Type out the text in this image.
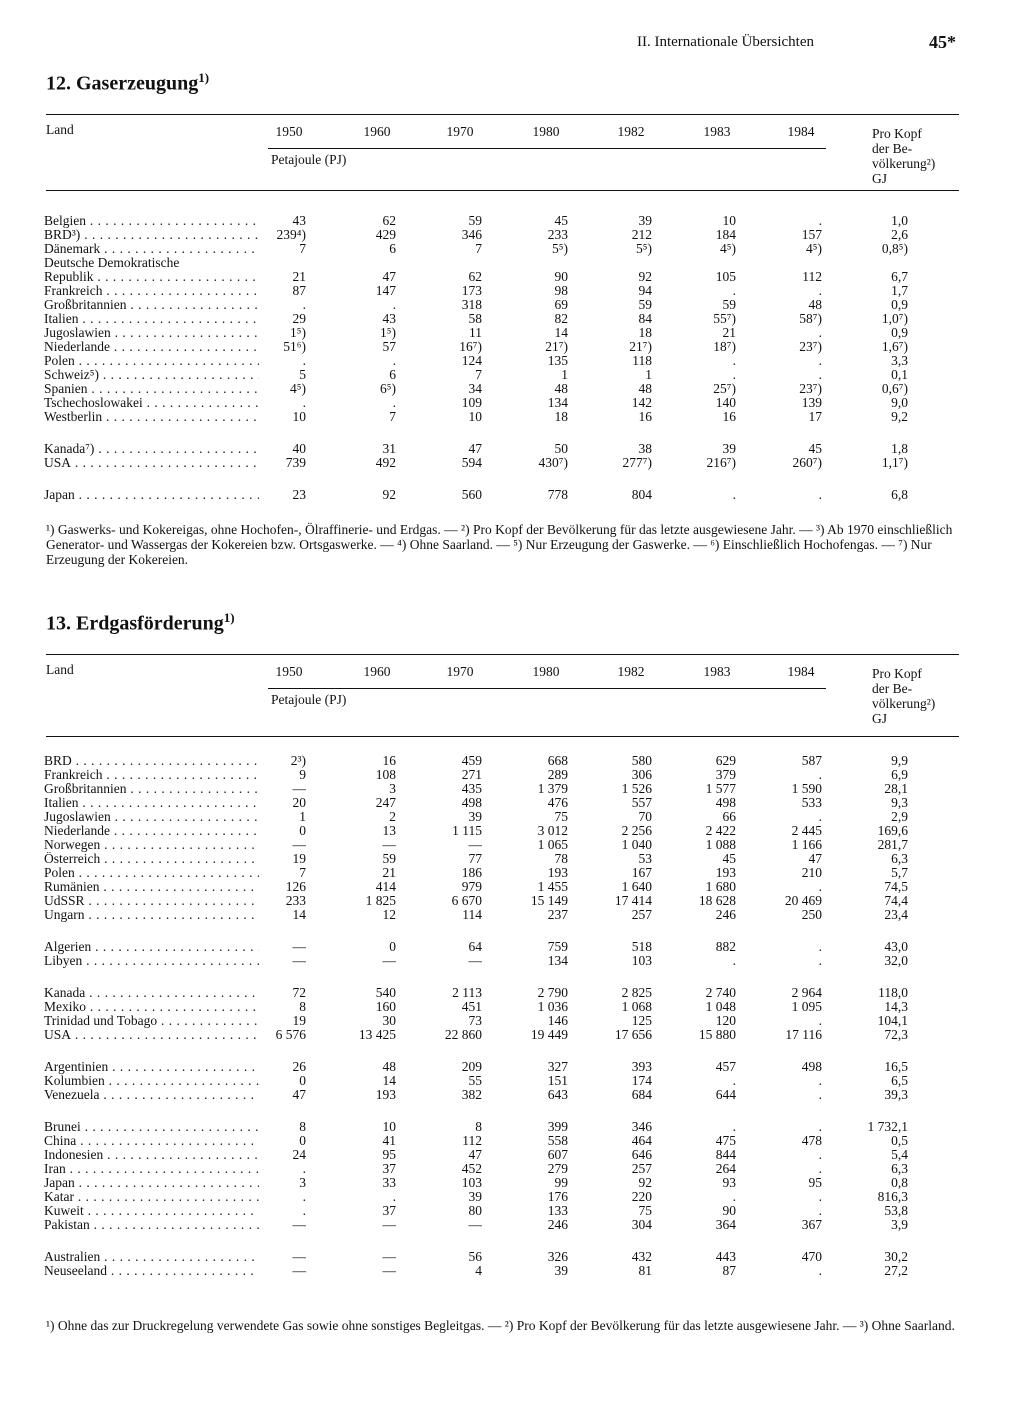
II. Internationale Übersichten	45*
12. Gaserzeugung$^{1)}$
Land	1950	1960	1970	1980	1982	1983	1984
Petajoule (PJ)
Pro Kopf
der Be-
völkerung²)
GJ
Belgien . . .	43	62	59	45	39	10	.	1,0
BRD³) . . .	239⁴)	429	346	233	212	184	157	2,6
Dänemark . . .	7	6	7	5⁵)	5⁵)	4⁵)	4⁵)	0,8⁵)
Deutsche Demokratische
Republik . . .	21	47	62	90	92	105	112	6,7
Frankreich . . .	87	147	173	98	94	.	.	1,7
Großbritannien . . .	.	.	318	69	59	59	48	0,9
Italien . . .	29	43	58	82	84	55⁷)	58⁷)	1,0⁷)
Jugoslawien . . .	1⁵)	1⁵)	11	14	18	21	.	0,9
Niederlande . . .	51⁶)	57	16⁷)	21⁷)	21⁷)	18⁷)	23⁷)	1,6⁷)
Polen . . .	.	.	124	135	118	.	.	3,3
Schweiz⁵) . . .	5	6	7	1	1	.	.	0,1
Spanien . . .	4⁵)	6⁵)	34	48	48	25⁷)	23⁷)	0,6⁷)
Tschechoslowakei . . .	.	.	109	134	142	140	139	9,0
Westberlin . . .	10	7	10	18	16	16	17	9,2
Kanada⁷) . . .	40	31	47	50	38	39	45	1,8
USA . . .	739	492	594	430⁷)	277⁷)	216⁷)	260⁷)	1,1⁷)
Japan . . .	23	92	560	778	804	.	.	6,8

¹) Gaswerks- und Kokereigas, ohne Hochofen-, Ölraffinerie- und Erdgas. — ²) Pro Kopf der Bevölkerung für das letzte ausgewiesene Jahr. — ³) Ab 1970 einschließlich Generator- und Wassergas der Kokereien bzw. Ortsgaswerke. — ⁴) Ohne Saarland. — ⁵) Nur Erzeugung der Gaswerke. — ⁶) Einschließlich Hochofengas. — ⁷) Nur Erzeugung der Kokereien.

13. Erdgasförderung$^{1)}$
Land	1950	1960	1970	1980	1982	1983	1984
Petajoule (PJ)
Pro Kopf
der Be-
völkerung²)
GJ
BRD . . .	2³)	16	459	668	580	629	587	9,9
Frankreich . . .	9	108	271	289	306	379	.	6,9
Großbritannien . . .	—	3	435	1 379	1 526	1 577	1 590	28,1
Italien . . .	20	247	498	476	557	498	533	9,3
Jugoslawien . . .	1	2	39	75	70	66	.	2,9
Niederlande . . .	0	13	1 115	3 012	2 256	2 422	2 445	169,6
Norwegen . . .	—	—	—	1 065	1 040	1 088	1 166	281,7
Österreich . . .	19	59	77	78	53	45	47	6,3
Polen . . .	7	21	186	193	167	193	210	5,7
Rumänien . . .	126	414	979	1 455	1 640	1 680	.	74,5
UdSSR . . .	233	1 825	6 670	15 149	17 414	18 628	20 469	74,4
Ungarn . . .	14	12	114	237	257	246	250	23,4
Algerien . . .	—	0	64	759	518	882	.	43,0
Libyen . . .	—	—	—	134	103	.	.	32,0
Kanada . . .	72	540	2 113	2 790	2 825	2 740	2 964	118,0
Mexiko . . .	8	160	451	1 036	1 068	1 048	1 095	14,3
Trinidad und Tobago . . .	19	30	73	146	125	120	.	104,1
USA . . .	6 576	13 425	22 860	19 449	17 656	15 880	17 116	72,3
Argentinien . . .	26	48	209	327	393	457	498	16,5
Kolumbien . . .	0	14	55	151	174	.	.	6,5
Venezuela . . .	47	193	382	643	684	644	.	39,3
Brunei . . .	8	10	8	399	346	.	.	1 732,1
China . . .	0	41	112	558	464	475	478	0,5
Indonesien . . .	24	95	47	607	646	844	.	5,4
Iran . . .	.	37	452	279	257	264	.	6,3
Japan . . .	3	33	103	99	92	93	95	0,8
Katar . . .	.	.	39	176	220	.	.	816,3
Kuweit . . .	.	37	80	133	75	90	.	53,8
Pakistan . . .	—	—	—	246	304	364	367	3,9
Australien . . .	—	—	56	326	432	443	470	30,2
Neuseeland . . .	—	—	4	39	81	87	.	27,2

¹) Ohne das zur Druckregelung verwendete Gas sowie ohne sonstiges Begleitgas. — ²) Pro Kopf der Bevölkerung für das letzte ausgewiesene Jahr. — ³) Ohne Saarland.
